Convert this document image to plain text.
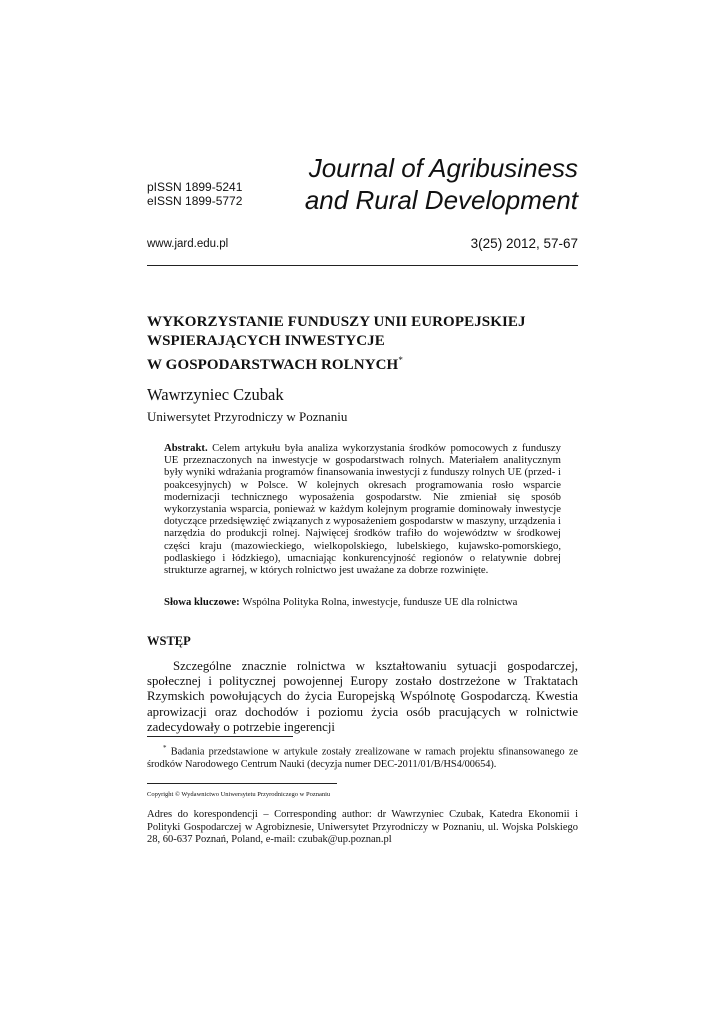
pISSN 1899-5241
eISSN 1899-5772
Journal of Agribusiness
and Rural Development
www.jard.edu.pl	3(25) 2012, 57-67
WYKORZYSTANIE FUNDUSZY UNII EUROPEJSKIEJ
WSPIERAJĄCYCH INWESTYCJE
W GOSPODARSTWACH ROLNYCH*
Wawrzyniec Czubak
Uniwersytet Przyrodniczy w Poznaniu
Abstrakt. Celem artykułu była analiza wykorzystania środków pomocowych z funduszy UE przeznaczonych na inwestycje w gospodarstwach rolnych. Materiałem analitycznym były wyniki wdrażania programów finansowania inwestycji z funduszy rolnych UE (przed- i poakcesyjnych) w Polsce. W kolejnych okresach programowania rosło wsparcie modernizacji technicznego wyposażenia gospodarstw. Nie zmieniał się sposób wykorzystania wsparcia, ponieważ w każdym kolejnym programie dominowały inwestycje dotyczące przedsięwzięć związanych z wyposażeniem gospodarstw w maszyny, urządzenia i narzędzia do produkcji rolnej. Najwięcej środków trafiło do województw w środkowej części kraju (mazowieckiego, wielkopolskiego, lubelskiego, kujawsko-pomorskiego, podlaskiego i łódzkiego), umacniając konkurencyjność regionów o relatywnie dobrej strukturze agrarnej, w których rolnictwo jest uważane za dobrze rozwinięte.
Słowa kluczowe: Wspólna Polityka Rolna, inwestycje, fundusze UE dla rolnictwa
WSTĘP
Szczególne znacznie rolnictwa w kształtowaniu sytuacji gospodarczej, społecznej i politycznej powojennej Europy zostało dostrzeżone w Traktatach Rzymskich powołujących do życia Europejską Wspólnotę Gospodarczą. Kwestia aprowizacji oraz dochodów i poziomu życia osób pracujących w rolnictwie zadecydowały o potrzebie ingerencji
* Badania przedstawione w artykule zostały zrealizowane w ramach projektu sfinansowanego ze środków Narodowego Centrum Nauki (decyzja numer DEC-2011/01/B/HS4/00654).
Copyright © Wydawnictwo Uniwersytetu Przyrodniczego w Poznaniu
Adres do korespondencji – Corresponding author: dr Wawrzyniec Czubak, Katedra Ekonomii i Polityki Gospodarczej w Agrobiznesie, Uniwersytet Przyrodniczy w Poznaniu, ul. Wojska Polskiego 28, 60-637 Poznań, Poland, e-mail: czubak@up.poznan.pl
